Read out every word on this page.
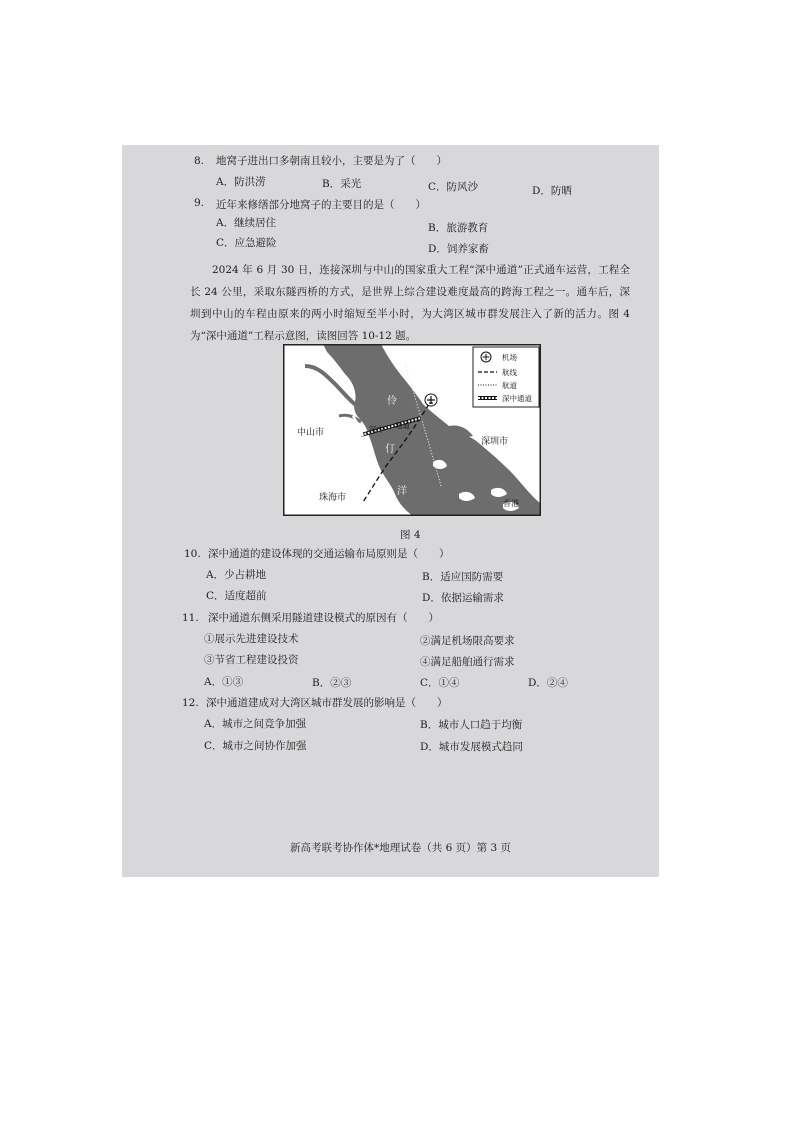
8. 地窝子进出口多朝南且较小，主要是为了（　　）
A．防洪涝	B．采光	C．防风沙	D．防晒
9. 近年来修缮部分地窝子的主要目的是（　　）
A．继续居住	B．旅游教育
C．应急避险	D．饲养家畜
2024 年 6 月 30 日，连接深圳与中山的国家重大工程“深中通道”正式通车运营，工程全长 24 公里，采取东隧西桥的方式，是世界上综合建设难度最高的跨海工程之一。通车后，深圳到中山的车程由原来的两小时缩短至半小时，为大湾区城市群发展注入了新的活力。图 4 为“深中通道”工程示意图，读图回答 10-12 题。
中山市
深圳市
珠海市
香港
伶
仃
洋
深中 通道
机场
航线
航道
深中通道
图 4
10. 深中通道的建设体现的交通运输布局原则是（　　）
A．少占耕地	B．适应国防需要
C．适度超前	D．依据运输需求
11. 深中通道东侧采用隧道建设模式的原因有（　　）
①展示先进建设技术	②满足机场限高要求
③节省工程建设投资	④满足船舶通行需求
A．①③	B．②③	C．①④	D．②④
12. 深中通道建成对大湾区城市群发展的影响是（　　）
A．城市之间竞争加强	B．城市人口趋于均衡
C．城市之间协作加强	D．城市发展模式趋同
新高考联考协作体*地理试卷（共 6 页）第 3 页
